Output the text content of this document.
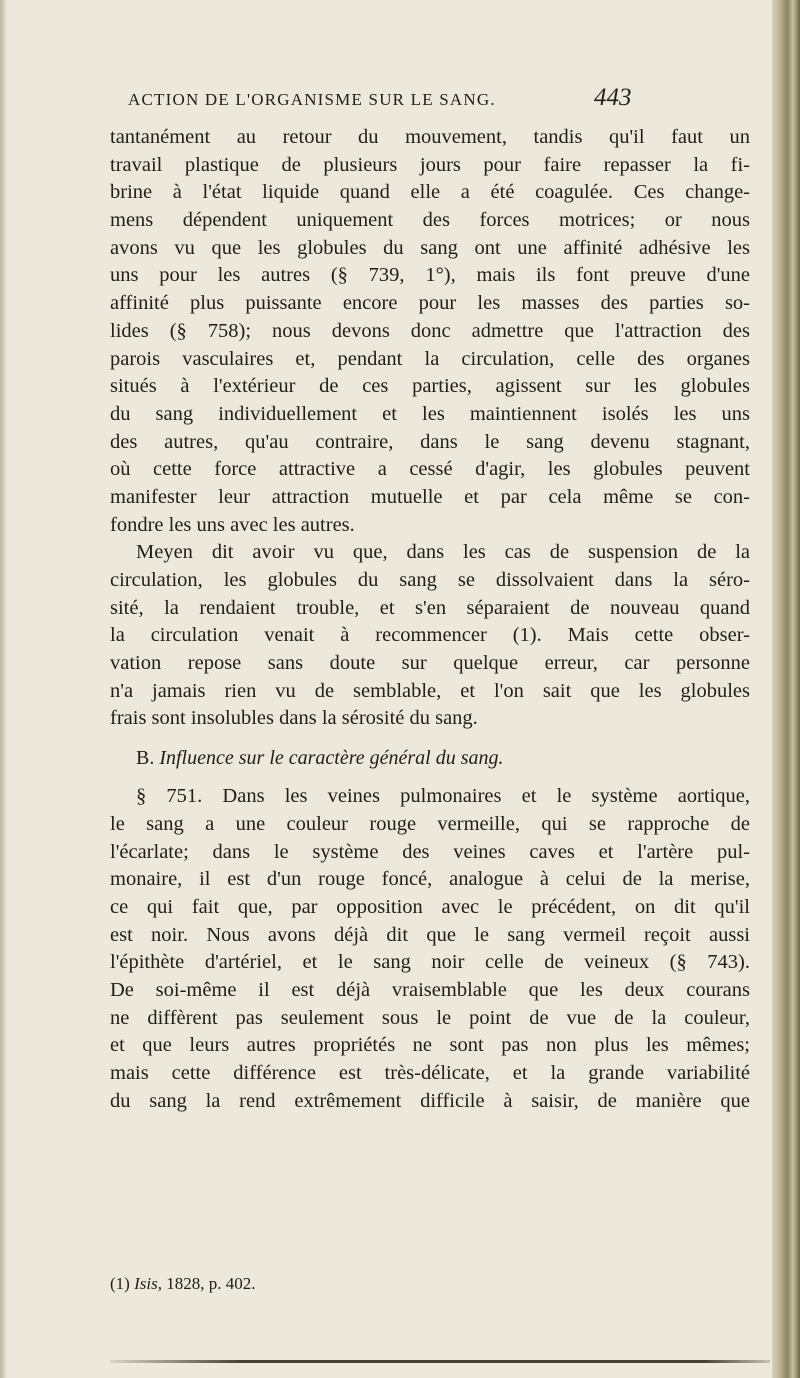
ACTION DE L'ORGANISME SUR LE SANG.	443
tantanément au retour du mouvement, tandis qu'il faut un
travail plastique de plusieurs jours pour faire repasser la fi-
brine à l'état liquide quand elle a été coagulée. Ces change-
mens dépendent uniquement des forces motrices; or nous
avons vu que les globules du sang ont une affinité adhésive les
uns pour les autres (§ 739, 1°), mais ils font preuve d'une
affinité plus puissante encore pour les masses des parties so-
lides (§ 758); nous devons donc admettre que l'attraction des
parois vasculaires et, pendant la circulation, celle des organes
situés à l'extérieur de ces parties, agissent sur les globules
du sang individuellement et les maintiennent isolés les uns
des autres, qu'au contraire, dans le sang devenu stagnant,
où cette force attractive a cessé d'agir, les globules peuvent
manifester leur attraction mutuelle et par cela même se con-
fondre les uns avec les autres.
Meyen dit avoir vu que, dans les cas de suspension de la
circulation, les globules du sang se dissolvaient dans la séro-
sité, la rendaient trouble, et s'en séparaient de nouveau quand
la circulation venait à recommencer (1). Mais cette obser-
vation repose sans doute sur quelque erreur, car personne
n'a jamais rien vu de semblable, et l'on sait que les globules
frais sont insolubles dans la sérosité du sang.
B. Influence sur le caractère général du sang.
§ 751. Dans les veines pulmonaires et le système aortique,
le sang a une couleur rouge vermeille, qui se rapproche de
l'écarlate; dans le système des veines caves et l'artère pul-
monaire, il est d'un rouge foncé, analogue à celui de la merise,
ce qui fait que, par opposition avec le précédent, on dit qu'il
est noir. Nous avons déjà dit que le sang vermeil reçoit aussi
l'épithète d'artériel, et le sang noir celle de veineux (§ 743).
De soi-même il est déjà vraisemblable que les deux courans
ne diffèrent pas seulement sous le point de vue de la couleur,
et que leurs autres propriétés ne sont pas non plus les mêmes;
mais cette différence est très-délicate, et la grande variabilité
du sang la rend extrêmement difficile à saisir, de manière que
(1) Isis, 1828, p. 402.
